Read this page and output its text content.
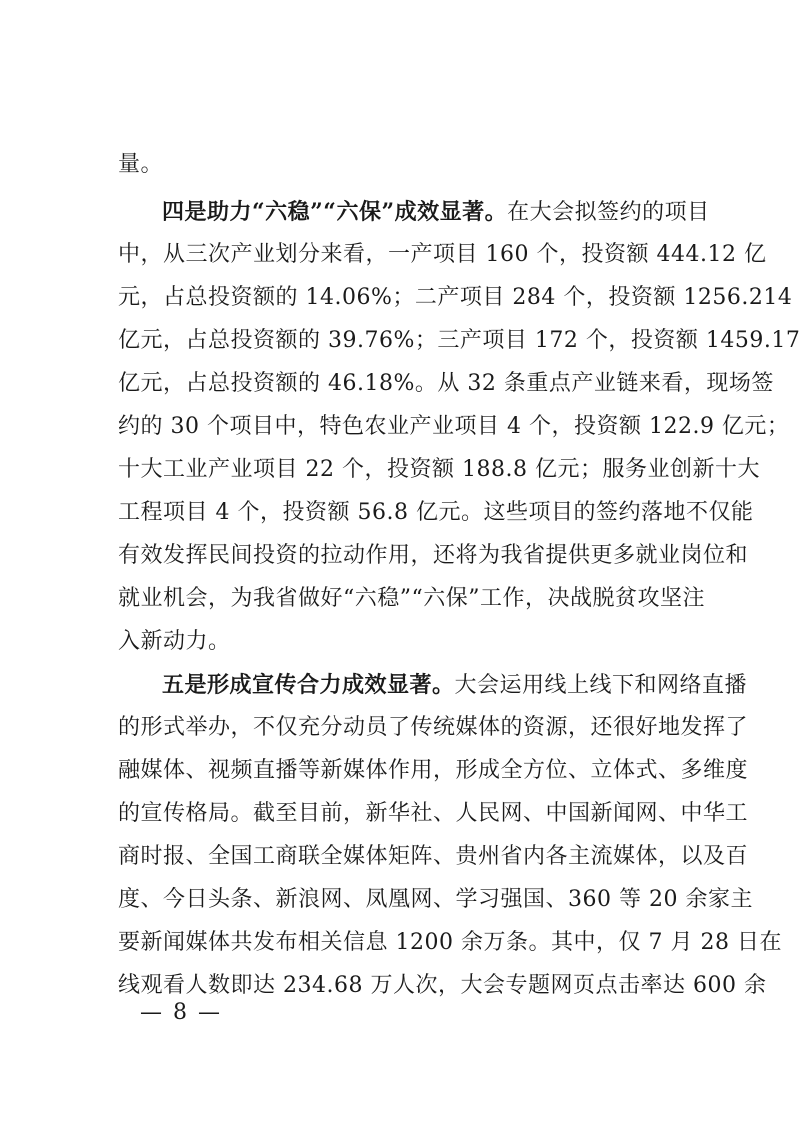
量。
四是助力“六稳”“六保”成效显著。在大会拟签约的项目
中，从三次产业划分来看，一产项目 160 个，投资额 444.12 亿
元，占总投资额的 14.06%；二产项目 284 个，投资额 1256.214
亿元，占总投资额的 39.76%；三产项目 172 个，投资额 1459.17
亿元，占总投资额的 46.18%。从 32 条重点产业链来看，现场签
约的 30 个项目中，特色农业产业项目 4 个，投资额 122.9 亿元；
十大工业产业项目 22 个，投资额 188.8 亿元；服务业创新十大
工程项目 4 个，投资额 56.8 亿元。这些项目的签约落地不仅能
有效发挥民间投资的拉动作用，还将为我省提供更多就业岗位和
就业机会，为我省做好“六稳”“六保”工作，决战脱贫攻坚注
入新动力。
五是形成宣传合力成效显著。大会运用线上线下和网络直播
的形式举办，不仅充分动员了传统媒体的资源，还很好地发挥了
融媒体、视频直播等新媒体作用，形成全方位、立体式、多维度
的宣传格局。截至目前，新华社、人民网、中国新闻网、中华工
商时报、全国工商联全媒体矩阵、贵州省内各主流媒体，以及百
度、今日头条、新浪网、凤凰网、学习强国、360 等 20 余家主
要新闻媒体共发布相关信息 1200 余万条。其中，仅 7 月 28 日在
线观看人数即达 234.68 万人次，大会专题网页点击率达 600 余
— 8 —
